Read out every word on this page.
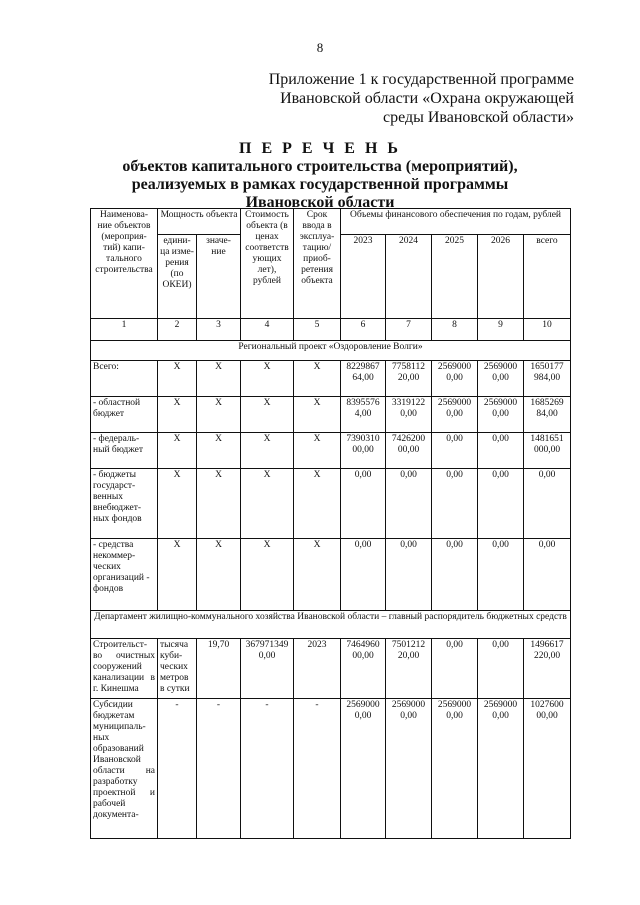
8
Приложение 1 к государственной программе
Ивановской области «Охрана окружающей
среды Ивановской области»
П Е Р Е Ч Е Н Ь
объектов капитального строительства (мероприятий),
реализуемых в рамках государственной программы
Ивановской области
Наименова-ние объектов (мероприя-тий) капи-тального строительства	Мощность объекта		Стоимость объекта (в ценах соответств ующих лет), рублей	Срок ввода в эксплуа-тацию/ приоб-ретения объекта	Объемы финансового обеспечения по годам, рублей				
	едини-ца изме-рения (по ОКЕИ)	значе-ние			2023	2024	2025	2026	всего
1	2	3	4	5	6	7	8	9	10
Региональный проект «Оздоровление Волги»									
Всего:	X	X	X	X	8229867 64,00	7758112 20,00	2569000 0,00	2569000 0,00	1650177 984,00
- областной бюджет	X	X	X	X	8395576 4,00	3319122 0,00	2569000 0,00	2569000 0,00	1685269 84,00
- федераль-ный бюджет	X	X	X	X	7390310 00,00	7426200 00,00	0,00	0,00	1481651 000,00
- бюджеты государст-венных внебюджет-ных фондов	X	X	X	X	0,00	0,00	0,00	0,00	0,00
- средства некоммер-ческих организаций - фондов	X	X	X	X	0,00	0,00	0,00	0,00	0,00
Департамент жилищно-коммунального хозяйства Ивановской области – главный распорядитель бюджетных средств									
Строительст-во очистных сооружений канализации в г. Кинешма	тысяча куби-ческих метров в сутки	19,70	367971349 0,00	2023	7464960 00,00	7501212 20,00	0,00	0,00	1496617 220,00
Субсидии бюджетам муниципаль-ных образований Ивановской области на разработку проектной и рабочей документа-	-	-	-	-	2569000 0,00	2569000 0,00	2569000 0,00	2569000 0,00	1027600 00,00
